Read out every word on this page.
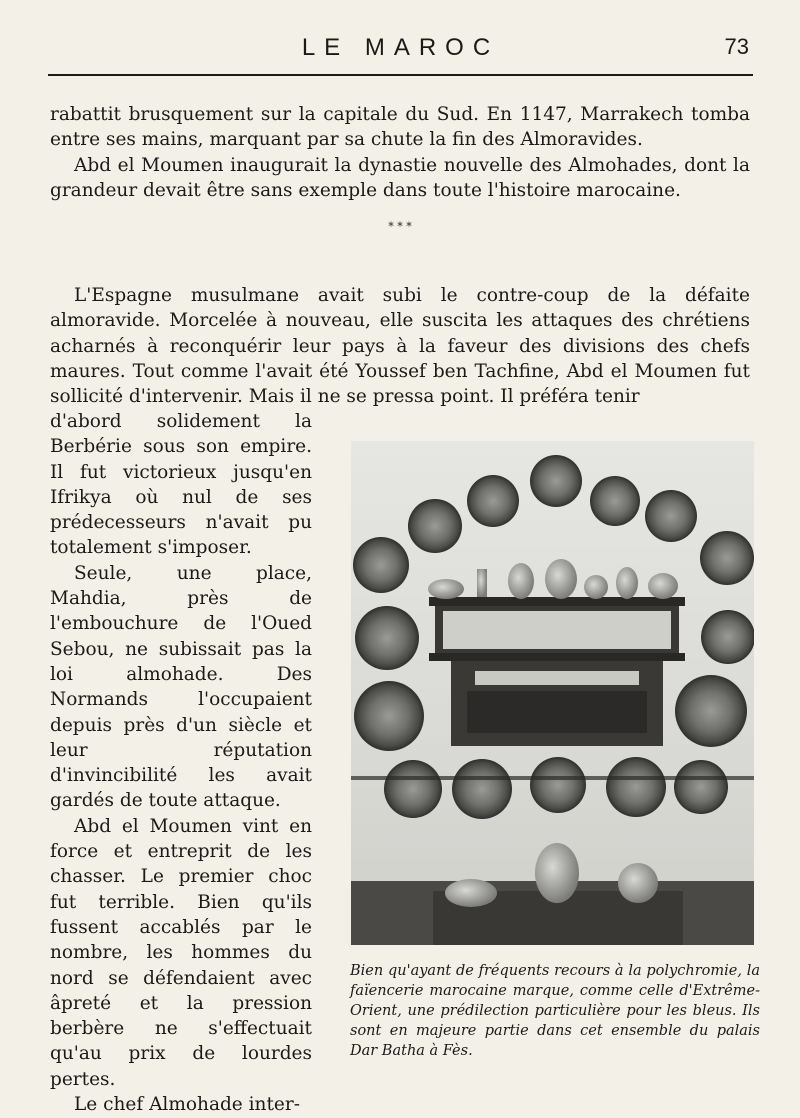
LE MAROC	73

rabattit brusquement sur la capitale du Sud. En 1147, Marrakech tomba entre ses mains, marquant par sa chute la fin des Almoravides.

Abd el Moumen inaugurait la dynastie nouvelle des Almohades, dont la grandeur devait être sans exemple dans toute l'histoire marocaine.

* * *

L'Espagne musulmane avait subi le contre-coup de la défaite almoravide. Morcelée à nouveau, elle suscita les attaques des chrétiens acharnés à reconquérir leur pays à la faveur des divisions des chefs maures. Tout comme l'avait été Youssef ben Tachfine, Abd el Moumen fut sollicité d'intervenir. Mais il ne se pressa point. Il préféra tenir

d'abord solidement la Berbérie sous son empire. Il fut victorieux jusqu'en Ifrikya où nul de ses prédecesseurs n'avait pu totalement s'imposer.

Seule, une place, Mahdia, près de l'embouchure de l'Oued Sebou, ne subissait pas la loi almohade. Des Normands l'occupaient depuis près d'un siècle et leur réputation d'invincibilité les avait gardés de toute attaque.

Abd el Moumen vint en force et entreprit de les chasser. Le premier choc fut terrible. Bien qu'ils fussent accablés par le nombre, les hommes du nord se défendaient avec âpreté et la pression berbère ne s'effectuait qu'au prix de lourdes pertes.

Le chef Almohade inter-

Bien qu'ayant de fréquents recours à la polychromie, la faïencerie marocaine marque, comme celle d'Extrême-Orient, une prédilection particulière pour les bleus. Ils sont en majeure partie dans cet ensemble du palais Dar Batha à Fès.
